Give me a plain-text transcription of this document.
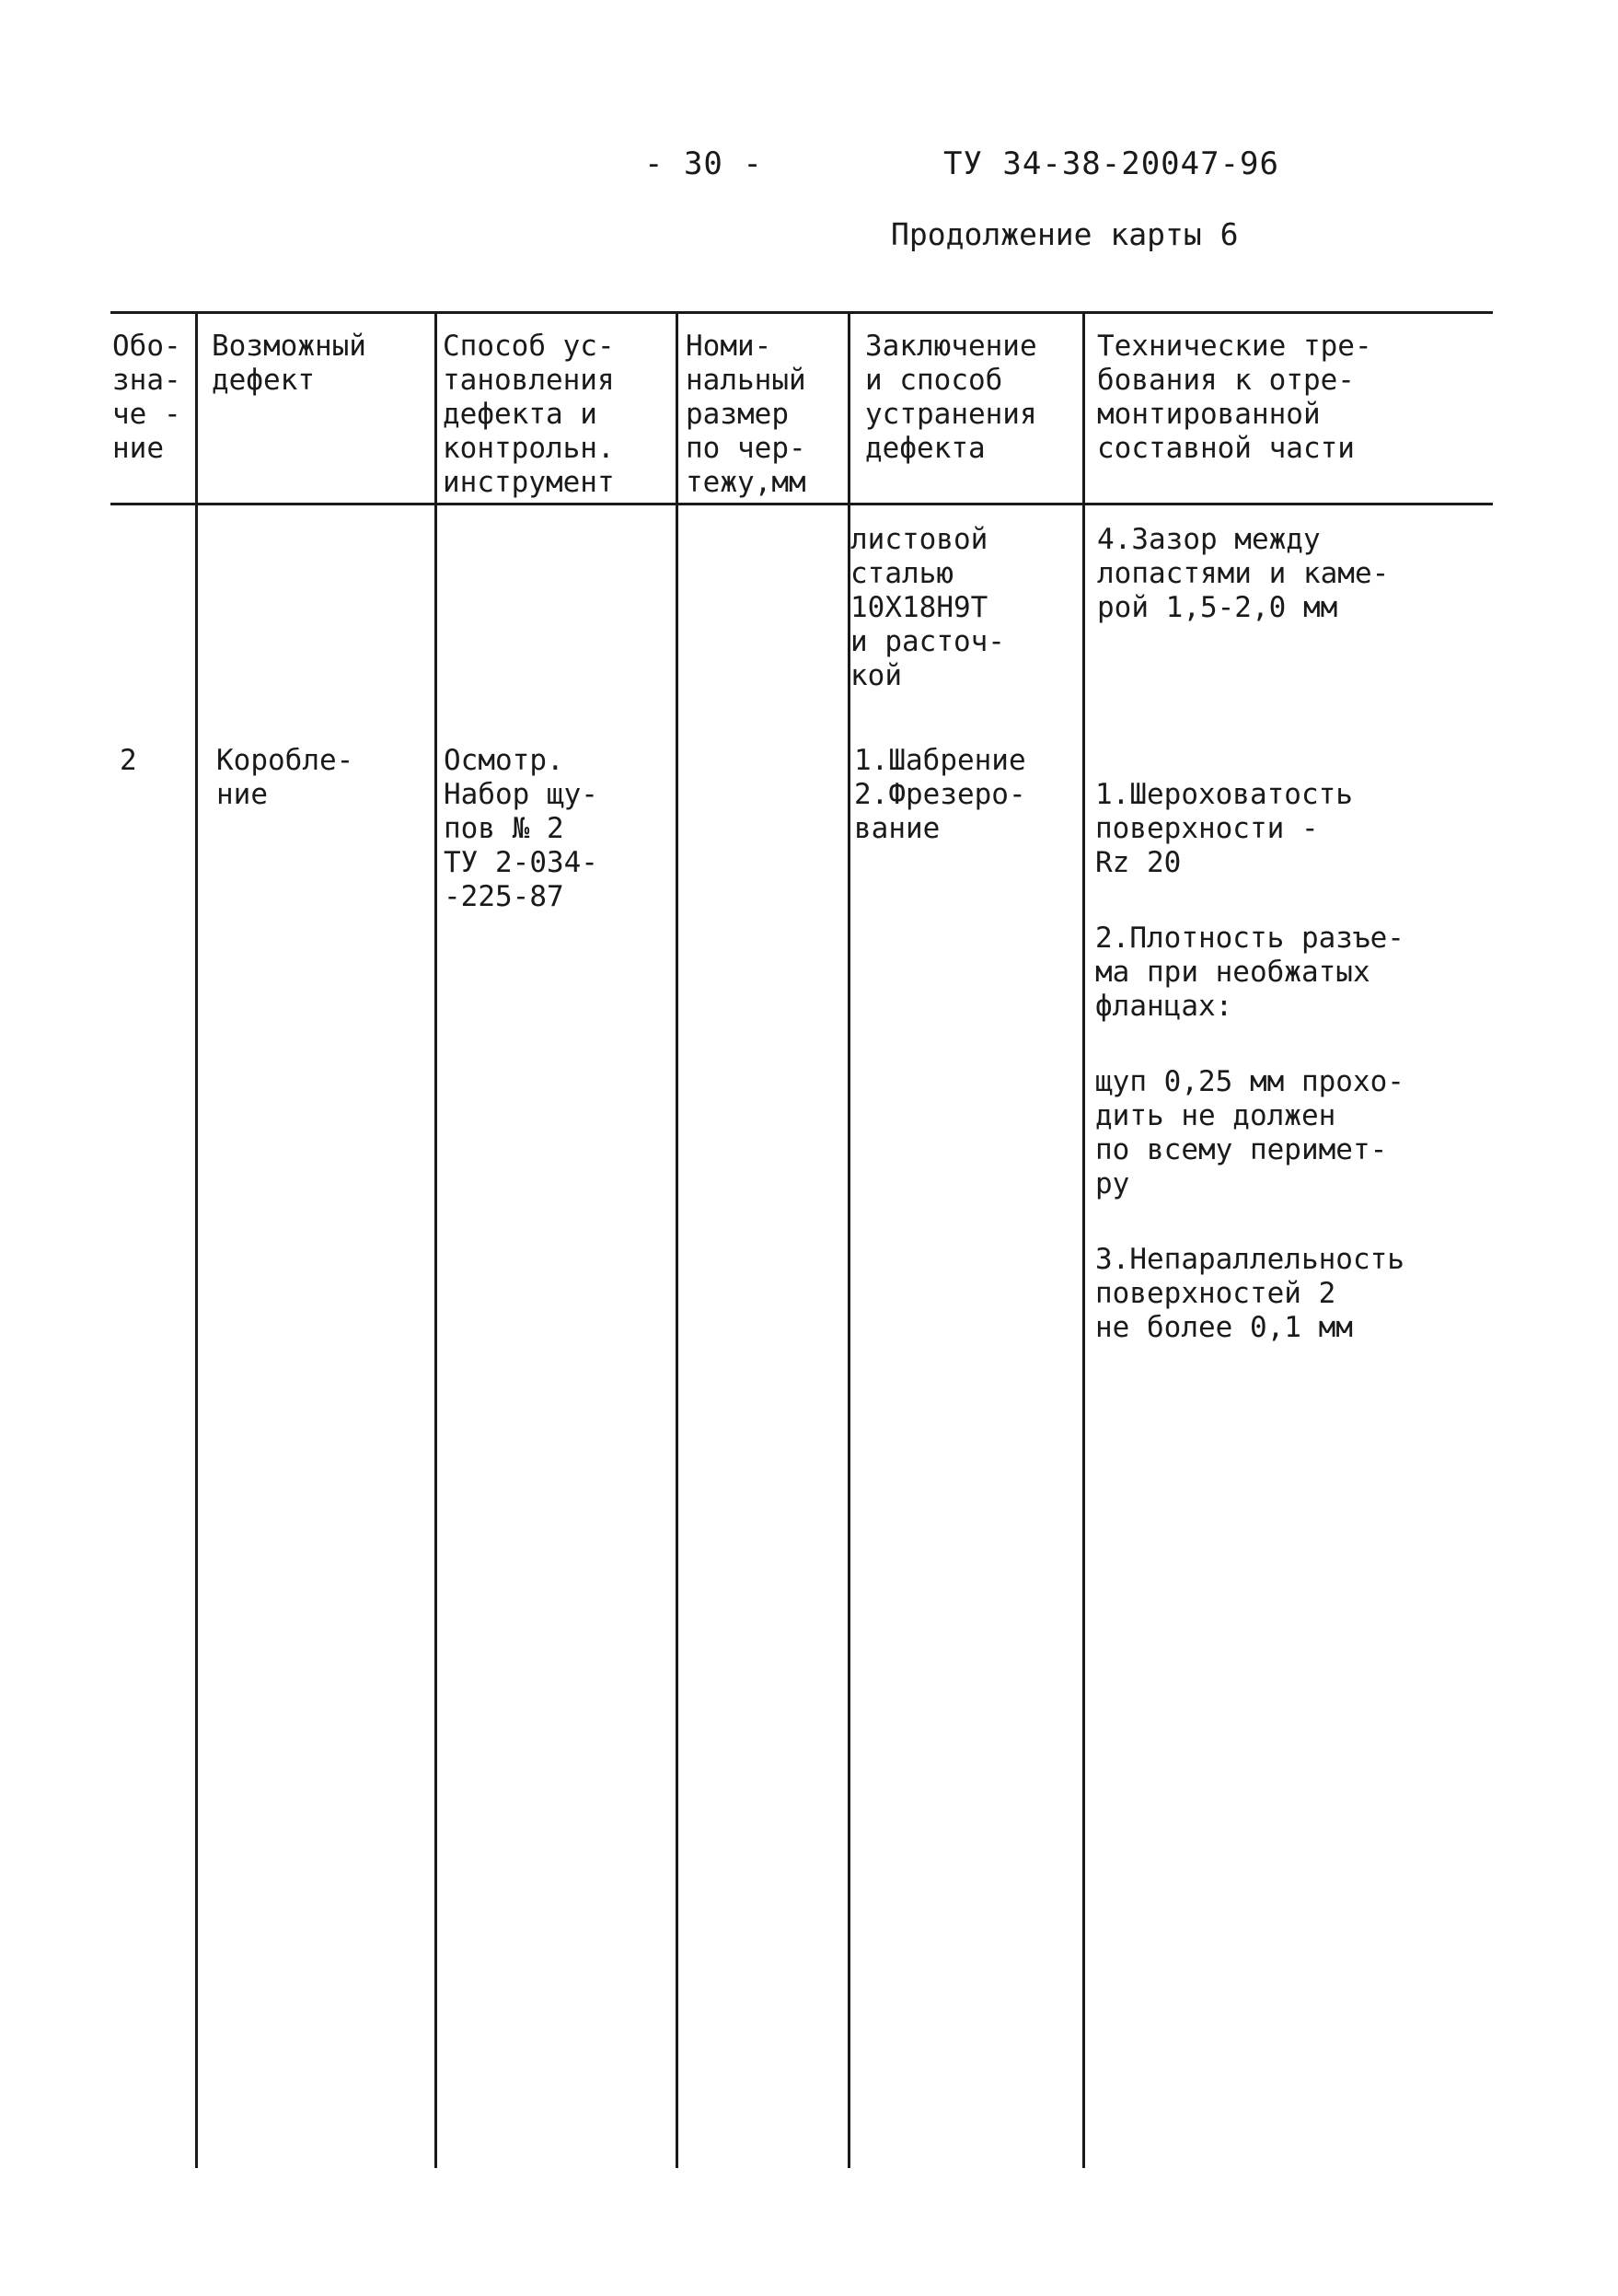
- 30 -	ТУ 34-38-20047-96
Продолжение карты 6
Обо-
зна-
че -
ние
Возможный
дефект
Способ ус-
тановления
дефекта и
контрольн.
инструмент
Номи-
нальный
размер
по чер-
тежу,мм
Заключение
и способ
устранения
дефекта
Технические тре-
бования к отре-
монтированной
составной части
листовой
сталью
10Х18Н9Т
и расточ-
кой
4.Зазор между
лопастями и каме-
рой 1,5-2,0 мм
2	Коробле-
ние
Осмотр.
Набор щу-
пов № 2
ТУ 2-034-
-225-87
1.Шабрение
2.Фрезеро-
вание

1.Шероховатость
поверхности -
Rz 20

2.Плотность разъе-
ма при необжатых
фланцах:

щуп 0,25 мм прохо-
дить не должен
по всему перимет-
ру

3.Непараллельность
поверхностей 2
не более 0,1 мм
